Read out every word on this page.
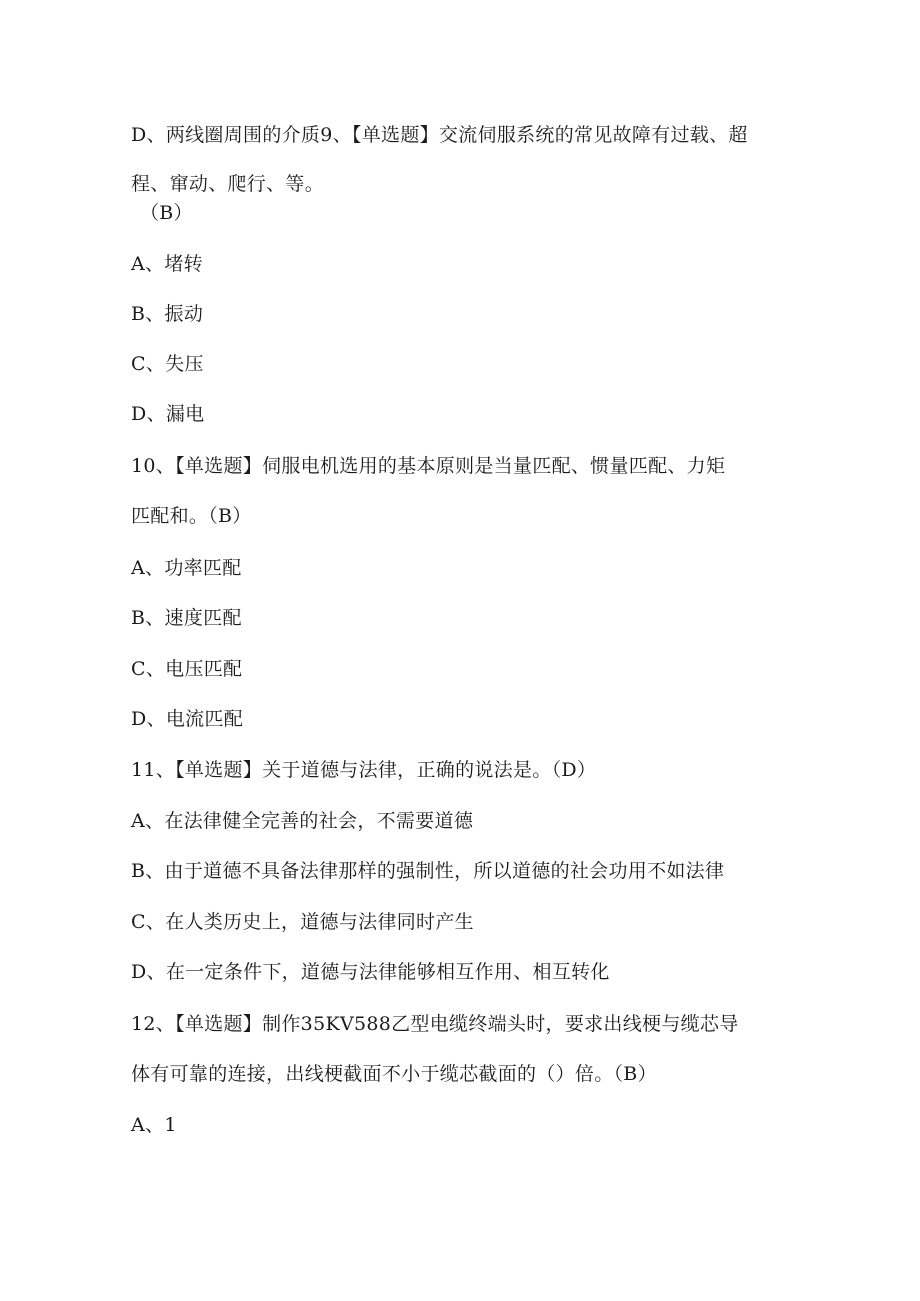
D、两线圈周围的介质9、【单选题】交流伺服系统的常见故障有过载、超
程、窜动、爬行、等。
（B）
A、堵转
B、振动
C、失压
D、漏电
10、【单选题】伺服电机选用的基本原则是当量匹配、惯量匹配、力矩
匹配和。（B）
A、功率匹配
B、速度匹配
C、电压匹配
D、电流匹配
11、【单选题】关于道德与法律，正确的说法是。（D）
A、在法律健全完善的社会，不需要道德
B、由于道德不具备法律那样的强制性，所以道德的社会功用不如法律
C、在人类历史上，道德与法律同时产生
D、在一定条件下，道德与法律能够相互作用、相互转化
12、【单选题】制作35KV588乙型电缆终端头时，要求出线梗与缆芯导
体有可靠的连接，出线梗截面不小于缆芯截面的（）倍。（B）
A、1
